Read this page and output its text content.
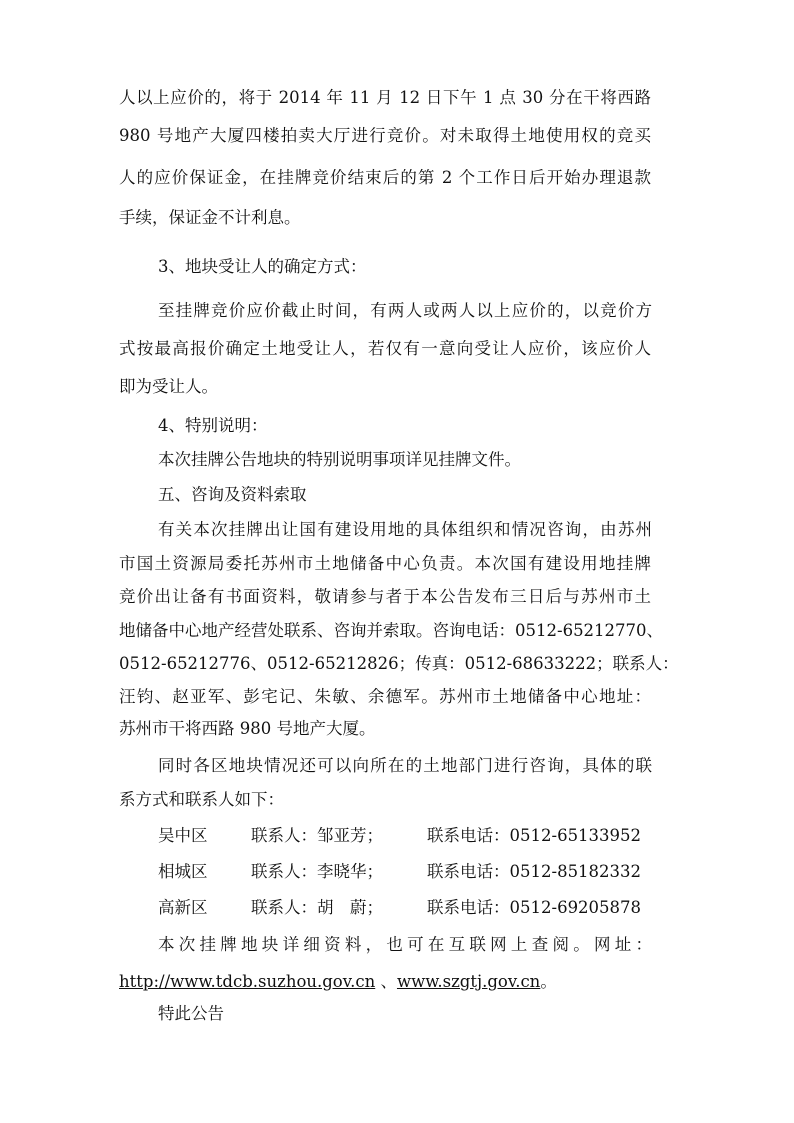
人以上应价的，将于 2014 年 11 月 12 日下午 1 点 30 分在干将西路
980 号地产大厦四楼拍卖大厅进行竞价。对未取得土地使用权的竞买
人的应价保证金，在挂牌竞价结束后的第 2 个工作日后开始办理退款
手续，保证金不计利息。
3、地块受让人的确定方式：
至挂牌竞价应价截止时间，有两人或两人以上应价的，以竞价方
式按最高报价确定土地受让人，若仅有一意向受让人应价，该应价人
即为受让人。
4、特别说明：
本次挂牌公告地块的特别说明事项详见挂牌文件。
五、咨询及资料索取
有关本次挂牌出让国有建设用地的具体组织和情况咨询，由苏州
市国土资源局委托苏州市土地储备中心负责。本次国有建设用地挂牌
竞价出让备有书面资料，敬请参与者于本公告发布三日后与苏州市土
地储备中心地产经营处联系、咨询并索取。咨询电话：0512-65212770、
0512-65212776、0512-65212826；传真：0512-68633222；联系人：
汪钧、赵亚军、彭宅记、朱敏、余德军。苏州市土地储备中心地址：
苏州市干将西路 980 号地产大厦。
同时各区地块情况还可以向所在的土地部门进行咨询，具体的联
系方式和联系人如下：
吴中区	联系人：邹亚芳；	联系电话：0512-65133952
相城区	联系人：李晓华；	联系电话：0512-85182332
高新区	联系人：胡　蔚；	联系电话：0512-69205878
本次挂牌地块详细资料，也可在互联网上查阅。网址：
http://www.tdcb.suzhou.gov.cn 、www.szgtj.gov.cn。
特此公告
